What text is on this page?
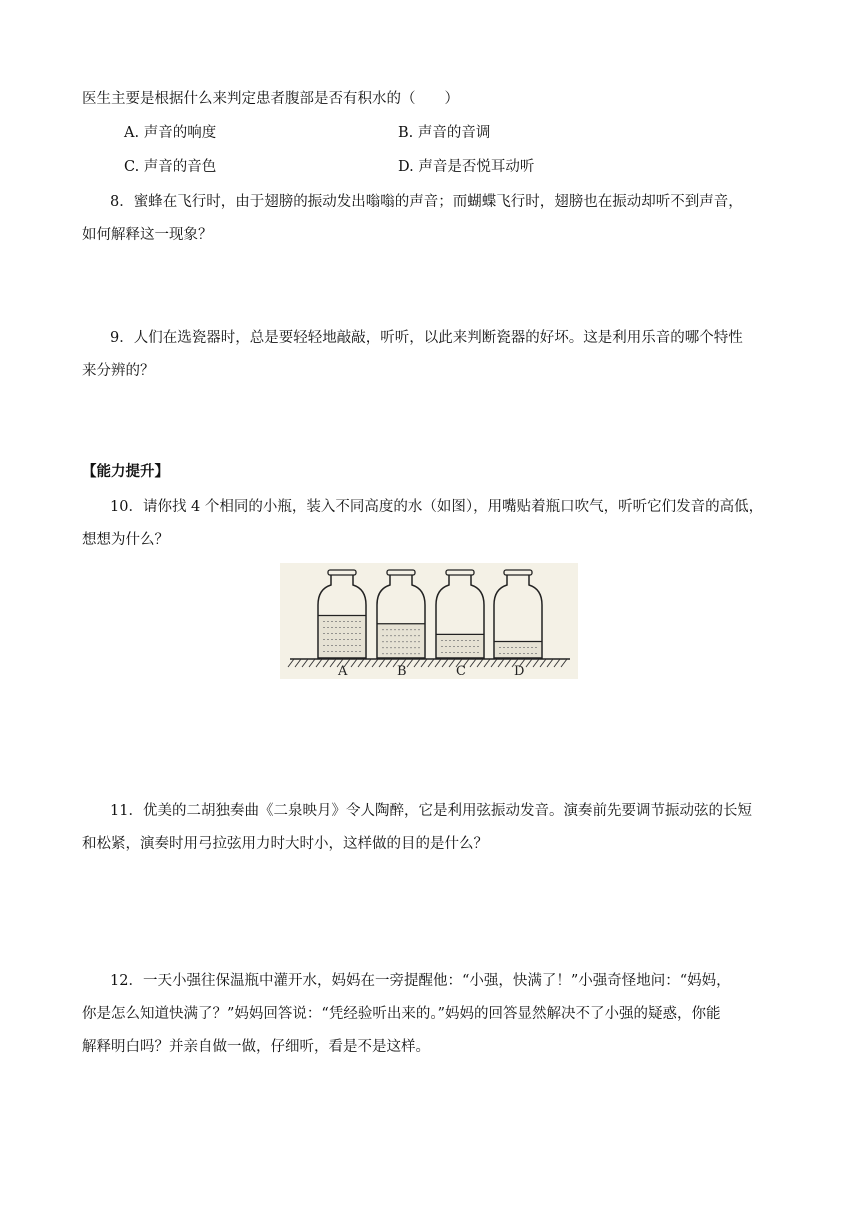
医生主要是根据什么来判定患者腹部是否有积水的（　　）
A. 声音的响度	B. 声音的音调
C. 声音的音色	D. 声音是否悦耳动听
8．蜜蜂在飞行时，由于翅膀的振动发出嗡嗡的声音；而蝴蝶飞行时，翅膀也在振动却听不到声音，
如何解释这一现象？
9．人们在选瓷器时，总是要轻轻地敲敲，听听，以此来判断瓷器的好坏。这是利用乐音的哪个特性
来分辨的？
【能力提升】
10．请你找 4 个相同的小瓶，装入不同高度的水（如图），用嘴贴着瓶口吹气，听听它们发音的高低，
想想为什么？
A	B	C	D
11．优美的二胡独奏曲《二泉映月》令人陶醉，它是利用弦振动发音。演奏前先要调节振动弦的长短
和松紧，演奏时用弓拉弦用力时大时小，这样做的目的是什么？
12．一天小强往保温瓶中灌开水，妈妈在一旁提醒他：“小强，快满了！”小强奇怪地问：“妈妈，
你是怎么知道快满了？”妈妈回答说：“凭经验听出来的。”妈妈的回答显然解决不了小强的疑惑，你能
解释明白吗？并亲自做一做，仔细听，看是不是这样。
